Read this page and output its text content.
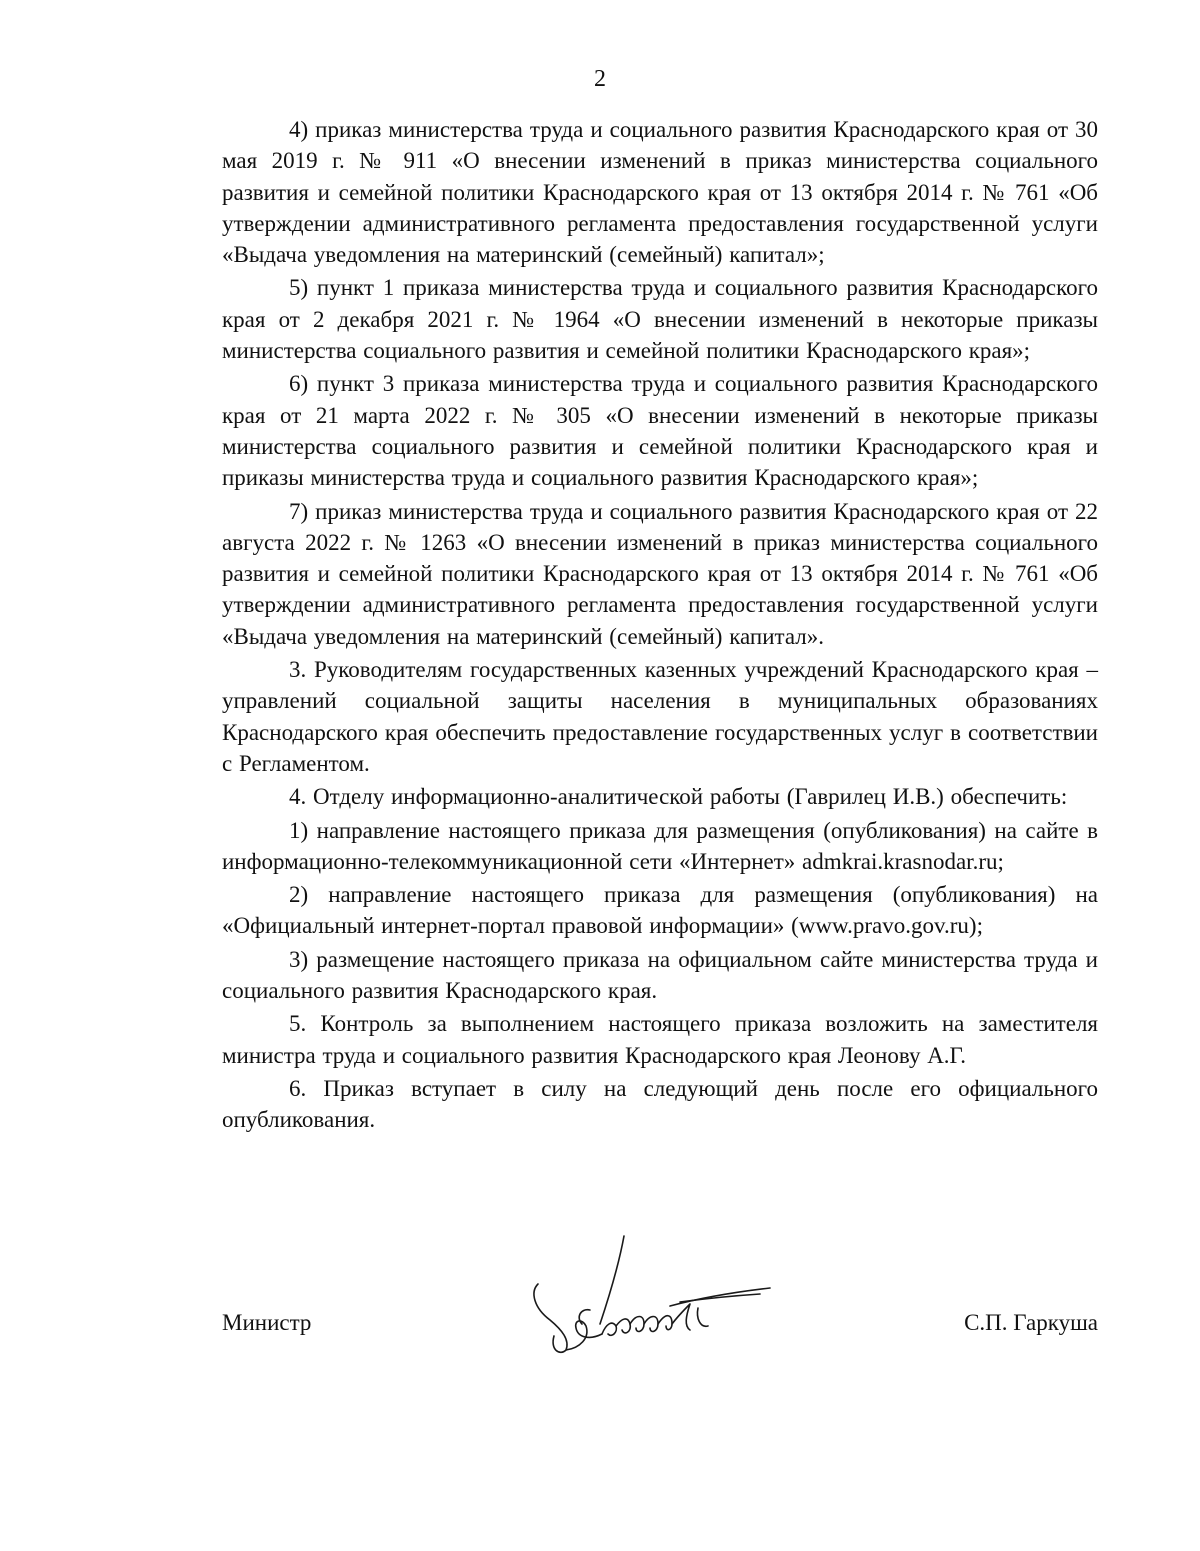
2

4) приказ министерства труда и социального развития Краснодарского края от 30 мая 2019 г. № 911 «О внесении изменений в приказ министерства социального развития и семейной политики Краснодарского края от 13 октября 2014 г. № 761 «Об утверждении административного регламента предоставления государственной услуги «Выдача уведомления на материнский (семейный) капитал»;

5) пункт 1 приказа министерства труда и социального развития Краснодарского края от 2 декабря 2021 г. № 1964 «О внесении изменений в некоторые приказы министерства социального развития и семейной политики Краснодарского края»;

6) пункт 3 приказа министерства труда и социального развития Краснодарского края от 21 марта 2022 г. № 305 «О внесении изменений в некоторые приказы министерства социального развития и семейной политики Краснодарского края и приказы министерства труда и социального развития Краснодарского края»;

7) приказ министерства труда и социального развития Краснодарского края от 22 августа 2022 г. № 1263 «О внесении изменений в приказ министерства социального развития и семейной политики Краснодарского края от 13 октября 2014 г. № 761 «Об утверждении административного регламента предоставления государственной услуги «Выдача уведомления на материнский (семейный) капитал».

3. Руководителям государственных казенных учреждений Краснодарского края – управлений социальной защиты населения в муниципальных образованиях Краснодарского края обеспечить предоставление государственных услуг в соответствии с Регламентом.

4. Отделу информационно-аналитической работы (Гаврилец И.В.) обеспечить:

1) направление настоящего приказа для размещения (опубликования) на сайте в информационно-телекоммуникационной сети «Интернет» admkrai.krasnodar.ru;

2) направление настоящего приказа для размещения (опубликования) на «Официальный интернет-портал правовой информации» (www.pravo.gov.ru);

3) размещение настоящего приказа на официальном сайте министерства труда и социального развития Краснодарского края.

5. Контроль за выполнением настоящего приказа возложить на заместителя министра труда и социального развития Краснодарского края Леонову А.Г.

6. Приказ вступает в силу на следующий день после его официального опубликования.

Министр	С.П. Гаркуша
